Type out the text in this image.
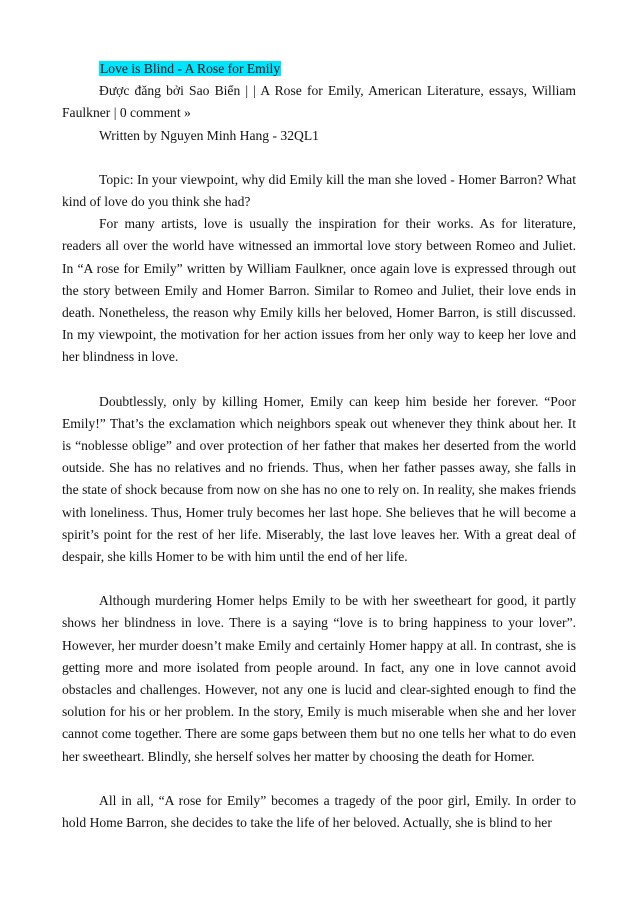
Love is Blind - A Rose for Emily

Được đăng bởi Sao Biển | | A Rose for Emily, American Literature, essays, William Faulkner | 0 comment »

Written by Nguyen Minh Hang - 32QL1

Topic: In your viewpoint, why did Emily kill the man she loved - Homer Barron? What kind of love do you think she had?

For many artists, love is usually the inspiration for their works. As for literature, readers all over the world have witnessed an immortal love story between Romeo and Juliet. In “A rose for Emily” written by William Faulkner, once again love is expressed through out the story between Emily and Homer Barron. Similar to Romeo and Juliet, their love ends in death. Nonetheless, the reason why Emily kills her beloved, Homer Barron, is still discussed. In my viewpoint, the motivation for her action issues from her only way to keep her love and her blindness in love.

Doubtlessly, only by killing Homer, Emily can keep him beside her forever. “Poor Emily!” That’s the exclamation which neighbors speak out whenever they think about her. It is “noblesse oblige” and over protection of her father that makes her deserted from the world outside. She has no relatives and no friends. Thus, when her father passes away, she falls in the state of shock because from now on she has no one to rely on. In reality, she makes friends with loneliness. Thus, Homer truly becomes her last hope. She believes that he will become a spirit’s point for the rest of her life. Miserably, the last love leaves her. With a great deal of despair, she kills Homer to be with him until the end of her life.

Although murdering Homer helps Emily to be with her sweetheart for good, it partly shows her blindness in love. There is a saying “love is to bring happiness to your lover”. However, her murder doesn’t make Emily and certainly Homer happy at all. In contrast, she is getting more and more isolated from people around. In fact, any one in love cannot avoid obstacles and challenges. However, not any one is lucid and clear-sighted enough to find the solution for his or her problem. In the story, Emily is much miserable when she and her lover cannot come together. There are some gaps between them but no one tells her what to do even her sweetheart. Blindly, she herself solves her matter by choosing the death for Homer.

All in all, “A rose for Emily” becomes a tragedy of the poor girl, Emily. In order to hold Home Barron, she decides to take the life of her beloved. Actually, she is blind to her
